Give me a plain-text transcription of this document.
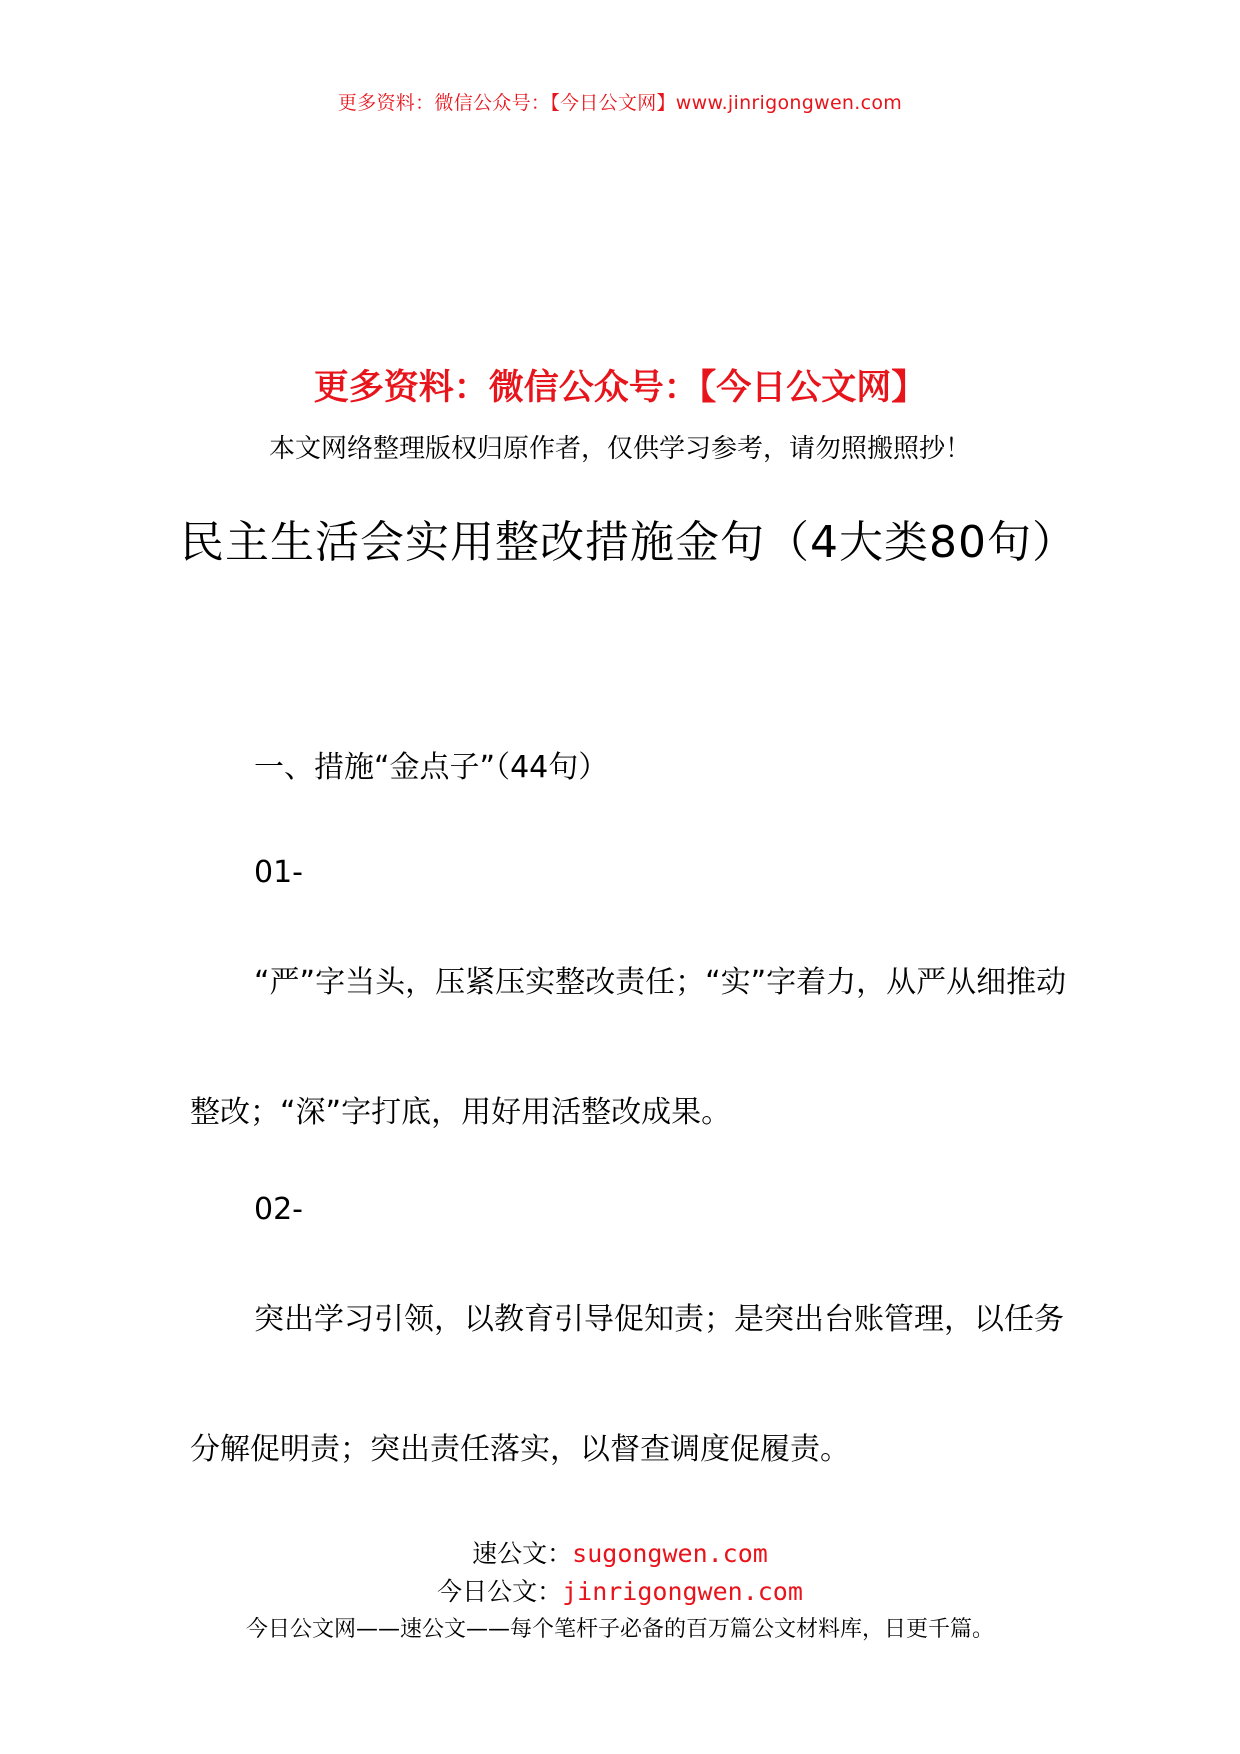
更多资料：微信公众号：【今日公文网】www.jinrigongwen.com
更多资料：微信公众号：【今日公文网】
本文网络整理版权归原作者，仅供学习参考，请勿照搬照抄！
民主生活会实用整改措施金句（4大类80句）
一、措施“金点子”（44句）
01-
“严”字当头，压紧压实整改责任；“实”字着力，从严从细推动整改；“深”字打底，用好用活整改成果。
02-
突出学习引领，以教育引导促知责；是突出台账管理，以任务分解促明责；突出责任落实，以督查调度促履责。
速公文：sugongwen.com
今日公文：jinrigongwen.com
今日公文网——速公文——每个笔杆子必备的百万篇公文材料库，日更千篇。
